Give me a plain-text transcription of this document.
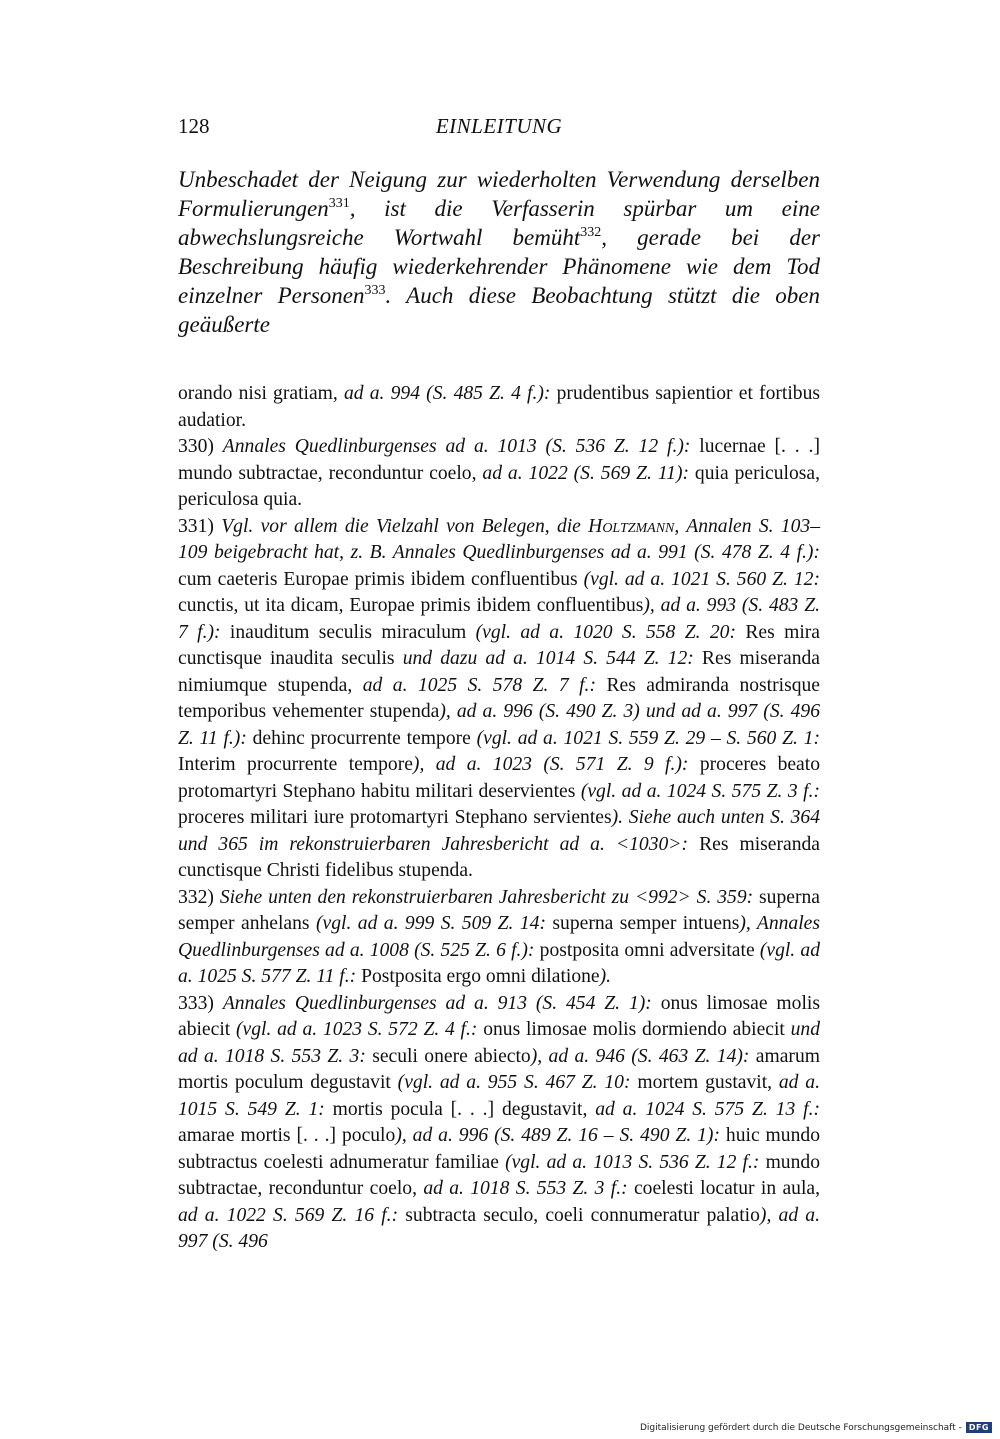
128	EINLEITUNG

Unbeschadet der Neigung zur wiederholten Verwendung derselben Formulierungen$^{331}$, ist die Verfasserin spürbar um eine abwechslungsreiche Wortwahl bemüht$^{332}$, gerade bei der Beschreibung häufig wiederkehrender Phänomene wie dem Tod einzelner Personen$^{333}$. Auch diese Beobachtung stützt die oben geäußerte

orando nisi gratiam, ad a. 994 (S. 485 Z. 4 f.): prudentibus sapientior et fortibus audatior.

330) Annales Quedlinburgenses ad a. 1013 (S. 536 Z. 12 f.): lucernae [. . .] mundo subtractae, reconduntur coelo, ad a. 1022 (S. 569 Z. 11): quia periculosa, periculosa quia.

331) Vgl. vor allem die Vielzahl von Belegen, die Holtzmann, Annalen S. 103–109 beigebracht hat, z. B. Annales Quedlinburgenses ad a. 991 (S. 478 Z. 4 f.): cum caeteris Europae primis ibidem confluentibus (vgl. ad a. 1021 S. 560 Z. 12: cunctis, ut ita dicam, Europae primis ibidem confluentibus), ad a. 993 (S. 483 Z. 7 f.): inauditum seculis miraculum (vgl. ad a. 1020 S. 558 Z. 20: Res mira cunctisque inaudita seculis und dazu ad a. 1014 S. 544 Z. 12: Res miseranda nimiumque stupenda, ad a. 1025 S. 578 Z. 7 f.: Res admiranda nostrisque temporibus vehementer stupenda), ad a. 996 (S. 490 Z. 3) und ad a. 997 (S. 496 Z. 11 f.): dehinc procurrente tempore (vgl. ad a. 1021 S. 559 Z. 29 – S. 560 Z. 1: Interim procurrente tempore), ad a. 1023 (S. 571 Z. 9 f.): proceres beato protomartyri Stephano habitu militari deservientes (vgl. ad a. 1024 S. 575 Z. 3 f.: proceres militari iure protomartyri Stephano servientes). Siehe auch unten S. 364 und 365 im rekonstruierbaren Jahresbericht ad a. <1030>: Res miseranda cunctisque Christi fidelibus stupenda.

332) Siehe unten den rekonstruierbaren Jahresbericht zu <992> S. 359: superna semper anhelans (vgl. ad a. 999 S. 509 Z. 14: superna semper intuens), Annales Quedlinburgenses ad a. 1008 (S. 525 Z. 6 f.): postposita omni adversitate (vgl. ad a. 1025 S. 577 Z. 11 f.: Postposita ergo omni dilatione).

333) Annales Quedlinburgenses ad a. 913 (S. 454 Z. 1): onus limosae molis abiecit (vgl. ad a. 1023 S. 572 Z. 4 f.: onus limosae molis dormiendo abiecit und ad a. 1018 S. 553 Z. 3: seculi onere abiecto), ad a. 946 (S. 463 Z. 14): amarum mortis poculum degustavit (vgl. ad a. 955 S. 467 Z. 10: mortem gustavit, ad a. 1015 S. 549 Z. 1: mortis pocula [. . .] degustavit, ad a. 1024 S. 575 Z. 13 f.: amarae mortis [. . .] poculo), ad a. 996 (S. 489 Z. 16 – S. 490 Z. 1): huic mundo subtractus coelesti adnumeratur familiae (vgl. ad a. 1013 S. 536 Z. 12 f.: mundo subtractae, reconduntur coelo, ad a. 1018 S. 553 Z. 3 f.: coelesti locatur in aula, ad a. 1022 S. 569 Z. 16 f.: subtracta seculo, coeli connumeratur palatio), ad a. 997 (S. 496

Digitalisierung gefördert durch die Deutsche Forschungsgemeinschaft - DFG
